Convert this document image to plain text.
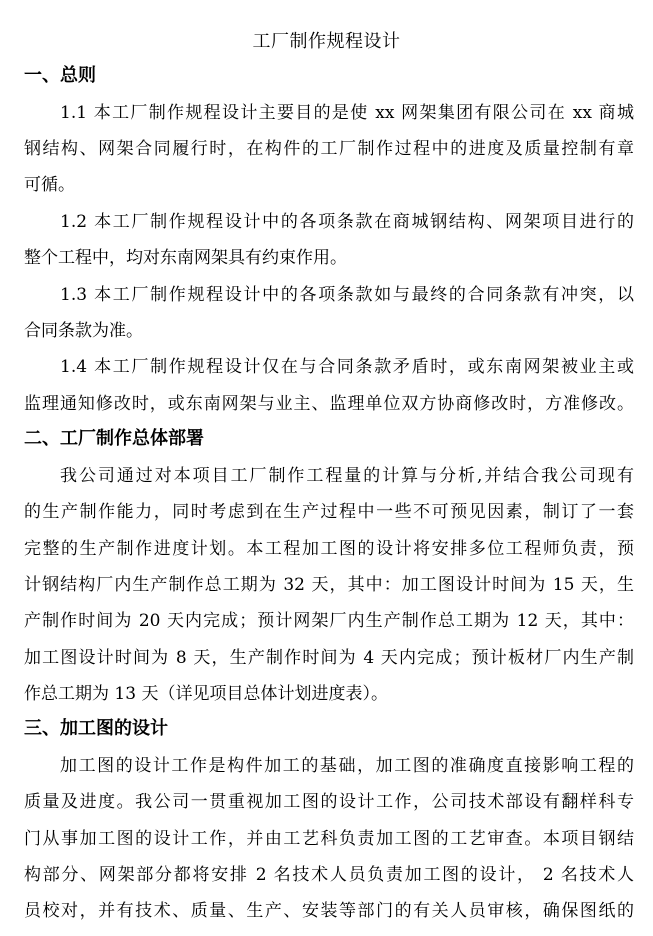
工厂制作规程设计
一、总则
1.1 本工厂制作规程设计主要目的是使 xx 网架集团有限公司在 xx 商城
钢结构、网架合同履行时，在构件的工厂制作过程中的进度及质量控制有章
可循。
1.2 本工厂制作规程设计中的各项条款在商城钢结构、网架项目进行的
整个工程中，均对东南网架具有约束作用。
1.3 本工厂制作规程设计中的各项条款如与最终的合同条款有冲突，以
合同条款为准。
1.4 本工厂制作规程设计仅在与合同条款矛盾时，或东南网架被业主或
监理通知修改时，或东南网架与业主、监理单位双方协商修改时，方准修改。
二、工厂制作总体部署
我公司通过对本项目工厂制作工程量的计算与分析,并结合我公司现有
的生产制作能力，同时考虑到在生产过程中一些不可预见因素，制订了一套
完整的生产制作进度计划。本工程加工图的设计将安排多位工程师负责，预
计钢结构厂内生产制作总工期为 32 天，其中：加工图设计时间为 15 天，生
产制作时间为 20 天内完成；预计网架厂内生产制作总工期为 12 天，其中：
加工图设计时间为 8 天，生产制作时间为 4 天内完成；预计板材厂内生产制
作总工期为 13 天（详见项目总体计划进度表）。
三、加工图的设计
加工图的设计工作是构件加工的基础，加工图的准确度直接影响工程的
质量及进度。我公司一贯重视加工图的设计工作，公司技术部设有翻样科专
门从事加工图的设计工作，并由工艺科负责加工图的工艺审查。本项目钢结
构部分、网架部分都将安排 2 名技术人员负责加工图的设计， 2 名技术人
员校对，并有技术、质量、生产、安装等部门的有关人员审核，确保图纸的
